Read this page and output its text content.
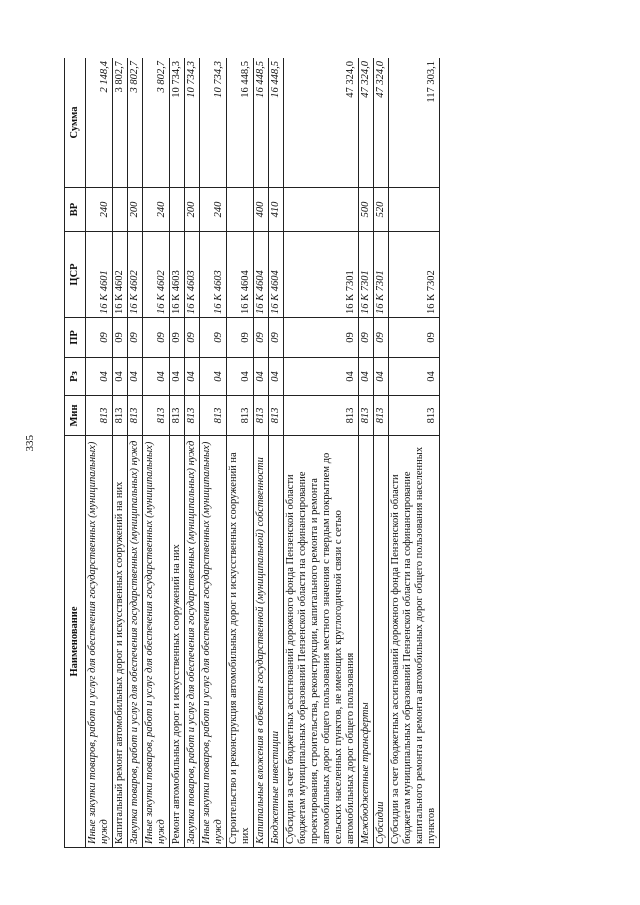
335
Наименование	Мин	Рз	ПР	ЦСР	ВР	Сумма
Иные закупки товаров, работ и услуг для обеспечения государственных (муниципальных) нужд	813	04	09	16 К 4601	240	2 148,4
Капитальный ремонт автомобильных дорог и искусственных сооружений на них	813	04	09	16 К 4602		3 802,7
Закупка товаров, работ и услуг для обеспечения государственных (муниципальных) нужд	813	04	09	16 К 4602	200	3 802,7
Иные закупки товаров, работ и услуг для обеспечения государственных (муниципальных) нужд	813	04	09	16 К 4602	240	3 802,7
Ремонт автомобильных дорог и искусственных сооружений на них	813	04	09	16 К 4603		10 734,3
Закупка товаров, работ и услуг для обеспечения государственных (муниципальных) нужд	813	04	09	16 К 4603	200	10 734,3
Иные закупки товаров, работ и услуг для обеспечения государственных (муниципальных) нужд	813	04	09	16 К 4603	240	10 734,3
Строительство и реконструкция автомобильных дорог и искусственных сооружений на них	813	04	09	16 К 4604		16 448,5
Капитальные вложения в объекты государственной (муниципальной) собственности	813	04	09	16 К 4604	400	16 448,5
Бюджетные инвестиции	813	04	09	16 К 4604	410	16 448,5
Субсидии за счет бюджетных ассигнований дорожного фонда Пензенской области бюджетам муниципальных образований Пензенской области на софинансирование проектирования, строительства, реконструкции, капитального ремонта и ремонта автомобильных дорог общего пользования местного значения с твердым покрытием до сельских населенных пунктов, не имеющих круглогодичной связи с сетью автомобильных дорог общего пользования	813	04	09	16 К 7301		47 324,0
Межбюджетные трансферты	813	04	09	16 К 7301	500	47 324,0
Субсидии	813	04	09	16 К 7301	520	47 324,0
Субсидии за счет бюджетных ассигнований дорожного фонда Пензенской области бюджетам муниципальных образований Пензенской области на софинансирование капитального ремонта и ремонта автомобильных дорог общего пользования населенных пунктов	813	04	09	16 К 7302		117 303,1
